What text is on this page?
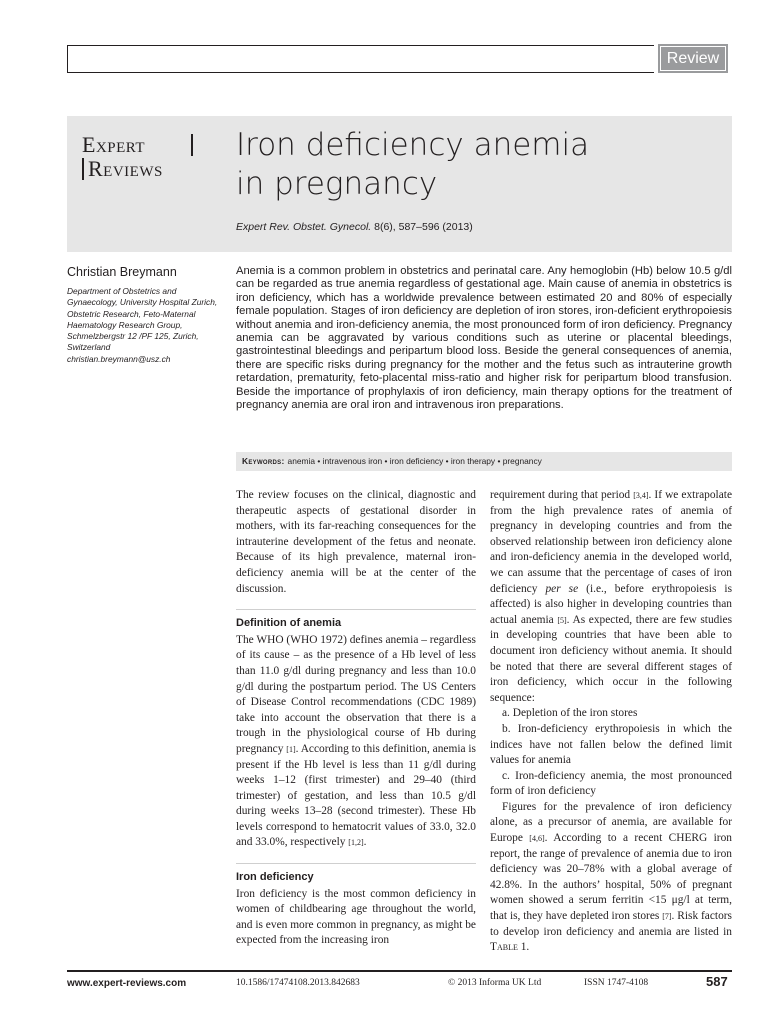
Review
Expert
Reviews
Iron deficiency anemia
in pregnancy
Expert Rev. Obstet. Gynecol. 8(6), 587–596 (2013)
Christian Breymann
Department of Obstetrics and
Gynaecology, University Hospital Zurich,
Obstetric Research, Feto-Maternal
Haematology Research Group,
Schmelzbergstr 12 /PF 125, Zurich,
Switzerland
christian.breymann@usz.ch
Anemia is a common problem in obstetrics and perinatal care. Any hemoglobin (Hb) below 10.5 g/dl can be regarded as true anemia regardless of gestational age. Main cause of anemia in obstetrics is iron deficiency, which has a worldwide prevalence between estimated 20 and 80% of especially female population. Stages of iron deficiency are depletion of iron stores, iron-deficient erythropoiesis without anemia and iron-deficiency anemia, the most pronounced form of iron deficiency. Pregnancy anemia can be aggravated by various conditions such as uterine or placental bleedings, gastrointestinal bleedings and peripartum blood loss. Beside the general consequences of anemia, there are specific risks during pregnancy for the mother and the fetus such as intrauterine growth retardation, prematurity, feto-placental miss-ratio and higher risk for peripartum blood transfusion. Beside the importance of prophylaxis of iron deficiency, main therapy options for the treatment of pregnancy anemia are oral iron and intravenous iron preparations.
Keywords: anemia • intravenous iron • iron deficiency • iron therapy • pregnancy

The review focuses on the clinical, diagnostic and therapeutic aspects of gestational disorder in mothers, with its far-reaching consequences for the intrauterine development of the fetus and neonate. Because of its high prevalence, maternal iron-deficiency anemia will be at the center of the discussion.

Definition of anemia

The WHO (WHO 1972) defines anemia – regardless of its cause – as the presence of a Hb level of less than 11.0 g/dl during pregnancy and less than 10.0 g/dl during the postpartum period. The US Centers of Disease Control recommendations (CDC 1989) take into account the observation that there is a trough in the physiological course of Hb during pregnancy [1]. According to this definition, anemia is present if the Hb level is less than 11 g/dl during weeks 1–12 (first trimester) and 29–40 (third trimester) of gestation, and less than 10.5 g/dl during weeks 13–28 (second trimester). These Hb levels correspond to hematocrit values of 33.0, 32.0 and 33.0%, respectively [1,2].

Iron deficiency

Iron deficiency is the most common deficiency in women of childbearing age throughout the world, and is even more common in pregnancy, as might be expected from the increasing iron

requirement during that period [3,4]. If we extrapolate from the high prevalence rates of anemia of pregnancy in developing countries and from the observed relationship between iron deficiency alone and iron-deficiency anemia in the developed world, we can assume that the percentage of cases of iron deficiency per se (i.e., before erythropoiesis is affected) is also higher in developing countries than actual anemia [5]. As expected, there are few studies in developing countries that have been able to document iron deficiency without anemia. It should be noted that there are several different stages of iron deficiency, which occur in the following sequence:

a. Depletion of the iron stores

b. Iron-deficiency erythropoiesis in which the indices have not fallen below the defined limit values for anemia

c. Iron-deficiency anemia, the most pronounced form of iron deficiency

Figures for the prevalence of iron deficiency alone, as a precursor of anemia, are available for Europe [4,6]. According to a recent CHERG iron report, the range of prevalence of anemia due to iron deficiency was 20–78% with a global average of 42.8%. In the authors’ hospital, 50% of pregnant women showed a serum ferritin <15 μg/l at term, that is, they have depleted iron stores [7]. Risk factors to develop iron deficiency and anemia are listed in Table 1.

www.expert-reviews.com	10.1586/17474108.2013.842683	© 2013 Informa UK Ltd	ISSN 1747-4108	587
